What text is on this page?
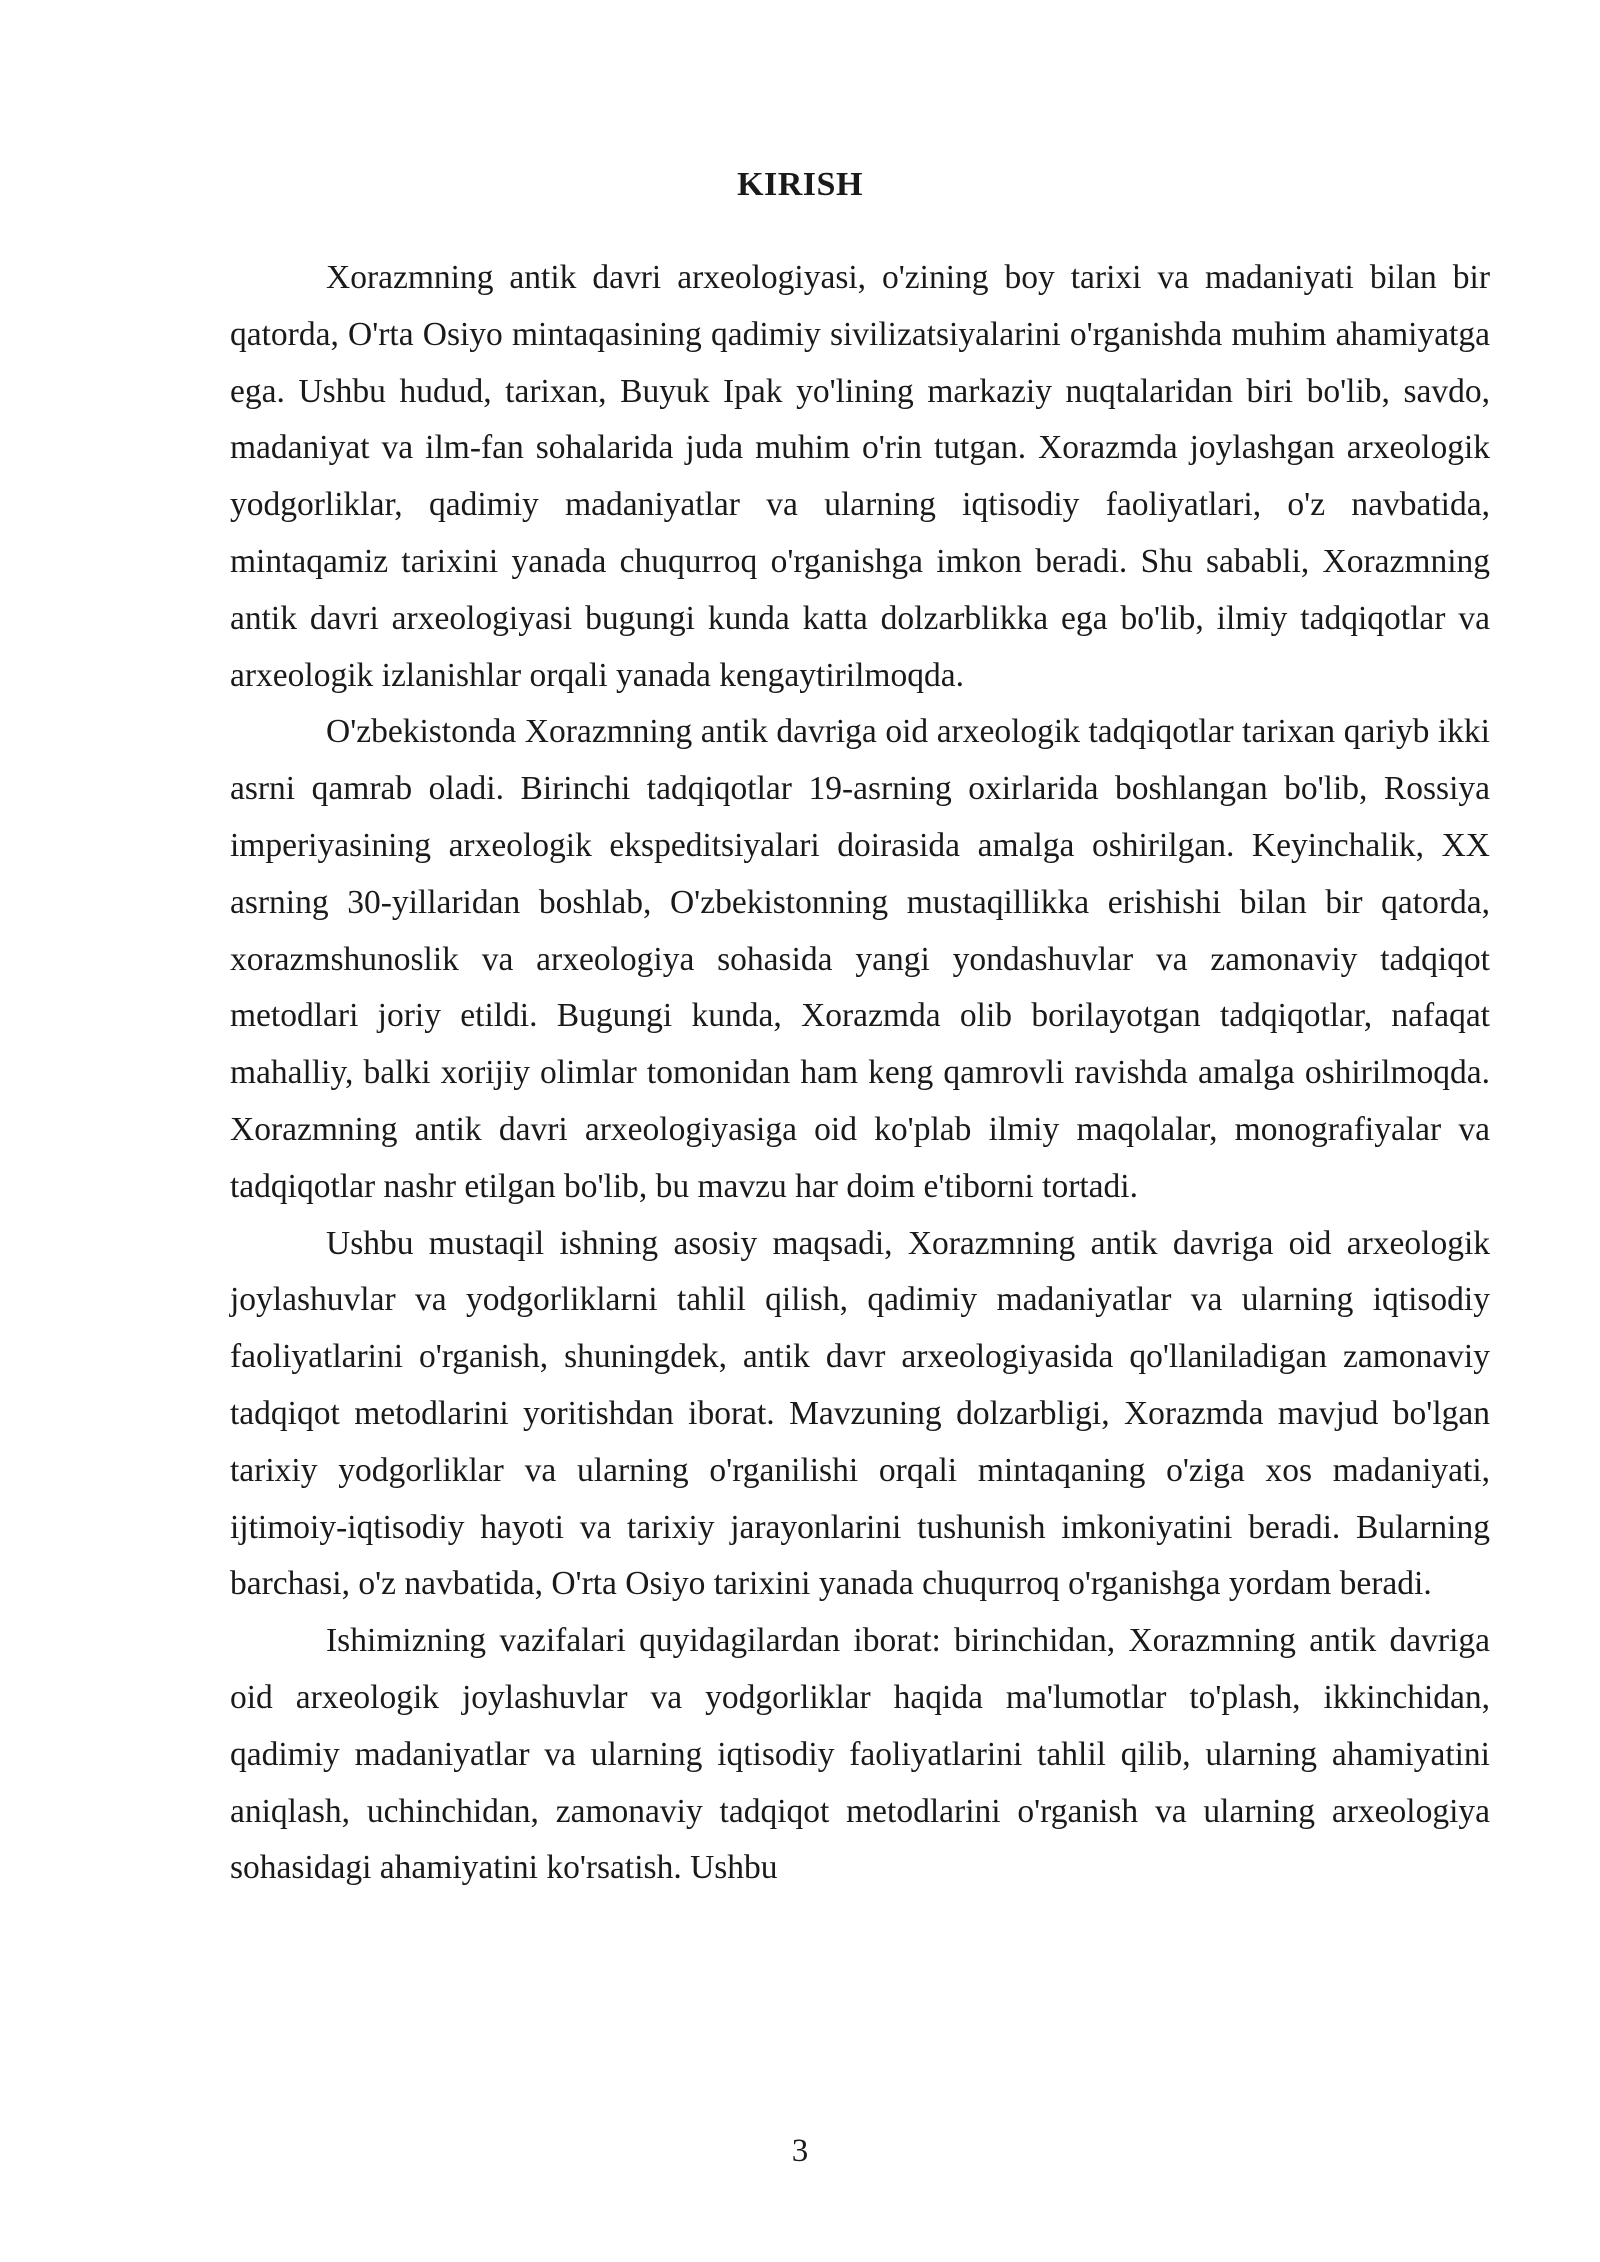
KIRISH

Xorazmning antik davri arxeologiyasi, o'zining boy tarixi va madaniyati bilan bir qatorda, O'rta Osiyo mintaqasining qadimiy sivilizatsiyalarini o'rganishda muhim ahamiyatga ega. Ushbu hudud, tarixan, Buyuk Ipak yo'lining markaziy nuqtalaridan biri bo'lib, savdo, madaniyat va ilm-fan sohalarida juda muhim o'rin tutgan. Xorazmda joylashgan arxeologik yodgorliklar, qadimiy madaniyatlar va ularning iqtisodiy faoliyatlari, o'z navbatida, mintaqamiz tarixini yanada chuqurroq o'rganishga imkon beradi. Shu sababli, Xorazmning antik davri arxeologiyasi bugungi kunda katta dolzarblikka ega bo'lib, ilmiy tadqiqotlar va arxeologik izlanishlar orqali yanada kengaytirilmoqda.

O'zbekistonda Xorazmning antik davriga oid arxeologik tadqiqotlar tarixan qariyb ikki asrni qamrab oladi. Birinchi tadqiqotlar 19-asrning oxirlarida boshlangan bo'lib, Rossiya imperiyasining arxeologik ekspeditsiyalari doirasida amalga oshirilgan. Keyinchalik, XX asrning 30-yillaridan boshlab, O'zbekistonning mustaqillikka erishishi bilan bir qatorda, xorazmshunoslik va arxeologiya sohasida yangi yondashuvlar va zamonaviy tadqiqot metodlari joriy etildi. Bugungi kunda, Xorazmda olib borilayotgan tadqiqotlar, nafaqat mahalliy, balki xorijiy olimlar tomonidan ham keng qamrovli ravishda amalga oshirilmoqda. Xorazmning antik davri arxeologiyasiga oid ko'plab ilmiy maqolalar, monografiyalar va tadqiqotlar nashr etilgan bo'lib, bu mavzu har doim e'tiborni tortadi.

Ushbu mustaqil ishning asosiy maqsadi, Xorazmning antik davriga oid arxeologik joylashuvlar va yodgorliklarni tahlil qilish, qadimiy madaniyatlar va ularning iqtisodiy faoliyatlarini o'rganish, shuningdek, antik davr arxeologiyasida qo'llaniladigan zamonaviy tadqiqot metodlarini yoritishdan iborat. Mavzuning dolzarbligi, Xorazmda mavjud bo'lgan tarixiy yodgorliklar va ularning o'rganilishi orqali mintaqaning o'ziga xos madaniyati, ijtimoiy-iqtisodiy hayoti va tarixiy jarayonlarini tushunish imkoniyatini beradi. Bularning barchasi, o'z navbatida, O'rta Osiyo tarixini yanada chuqurroq o'rganishga yordam beradi.

Ishimizning vazifalari quyidagilardan iborat: birinchidan, Xorazmning antik davriga oid arxeologik joylashuvlar va yodgorliklar haqida ma'lumotlar to'plash, ikkinchidan, qadimiy madaniyatlar va ularning iqtisodiy faoliyatlarini tahlil qilib, ularning ahamiyatini aniqlash, uchinchidan, zamonaviy tadqiqot metodlarini o'rganish va ularning arxeologiya sohasidagi ahamiyatini ko'rsatish. Ushbu

3
